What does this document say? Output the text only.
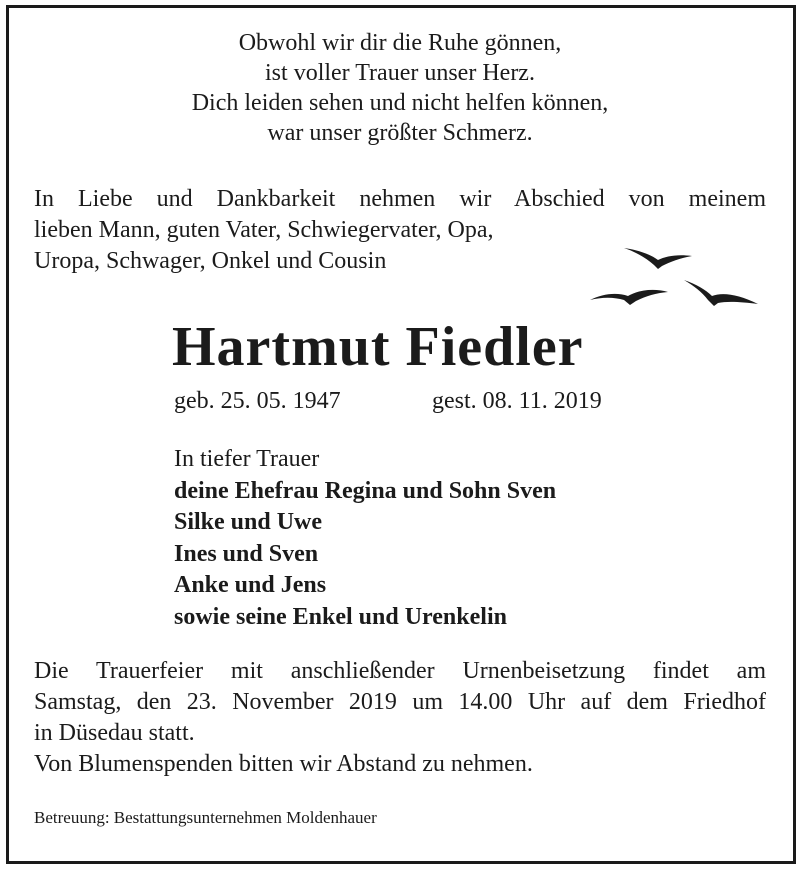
Obwohl wir dir die Ruhe gönnen,
ist voller Trauer unser Herz.
Dich leiden sehen und nicht helfen können,
war unser größter Schmerz.
In Liebe und Dankbarkeit nehmen wir Abschied von meinem
lieben Mann, guten Vater, Schwiegervater, Opa,
Uropa, Schwager, Onkel und Cousin
Hartmut Fiedler
geb. 25. 05. 1947	gest. 08. 11. 2019
In tiefer Trauer
deine Ehefrau Regina und Sohn Sven
Silke und Uwe
Ines und Sven
Anke und Jens
sowie seine Enkel und Urenkelin
Die Trauerfeier mit anschließender Urnenbeisetzung findet am
Samstag, den 23. November 2019 um 14.00 Uhr auf dem Friedhof
in Düsedau statt.
Von Blumenspenden bitten wir Abstand zu nehmen.
Betreuung: Bestattungsunternehmen Moldenhauer
